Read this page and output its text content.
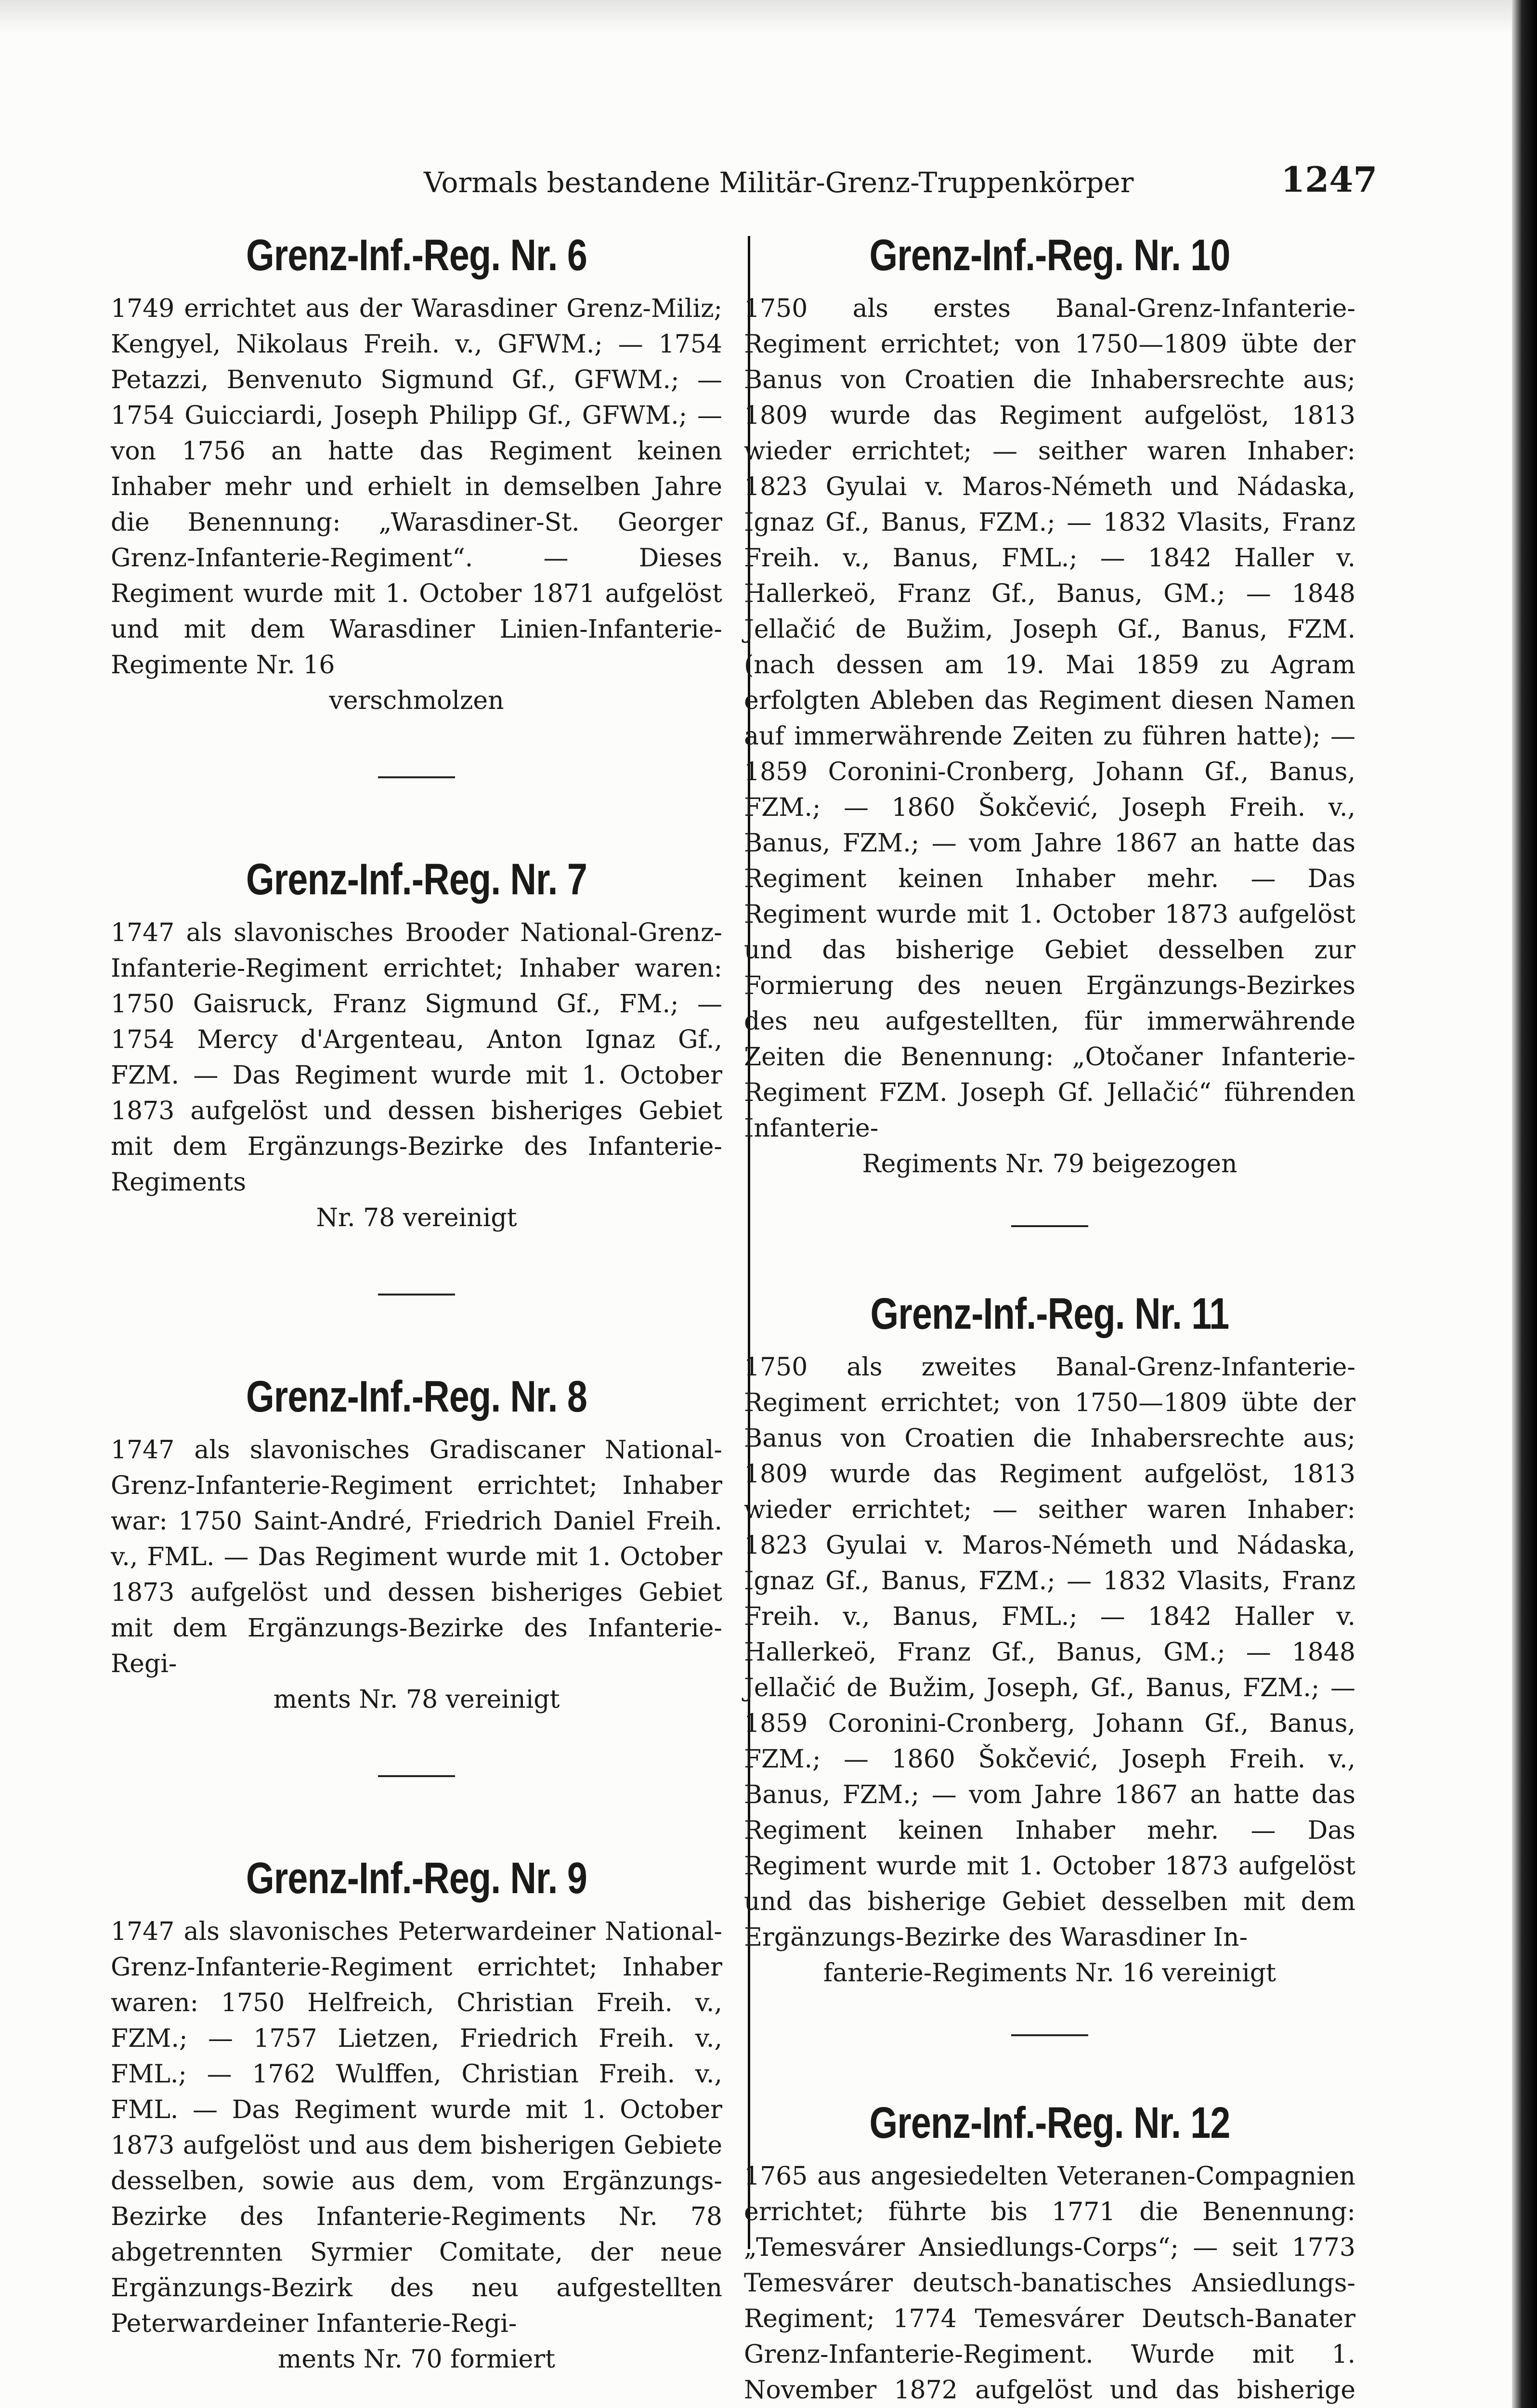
Vormals bestandene Militär-Grenz-Truppenkörper	1247
Grenz-Inf.-Reg. Nr. 6

1749 errichtet aus der Warasdiner Grenz-Miliz; Kengyel, Nikolaus Freih. v., GFWM.; — 1754 Petazzi, Benvenuto Sigmund Gf., GFWM.; — 1754 Guicciardi, Joseph Philipp Gf., GFWM.; — von 1756 an hatte das Regiment keinen Inhaber mehr und erhielt in demselben Jahre die Benennung: „Warasdiner-St. Georger Grenz-Infanterie-Regiment“. — Dieses Regiment wurde mit 1. October 1871 aufgelöst und mit dem Warasdiner Linien-Infanterie-Regimente Nr. 16

verschmolzen
Grenz-Inf.-Reg. Nr. 7

1747 als slavonisches Brooder National-Grenz-Infanterie-Regiment errichtet; Inhaber waren: 1750 Gaisruck, Franz Sigmund Gf., FM.; — 1754 Mercy d'Argenteau, Anton Ignaz Gf., FZM. — Das Regiment wurde mit 1. October 1873 aufgelöst und dessen bisheriges Gebiet mit dem Ergänzungs-Bezirke des Infanterie-Regiments

Nr. 78 vereinigt
Grenz-Inf.-Reg. Nr. 8

1747 als slavonisches Gradiscaner National-Grenz-Infanterie-Regiment errichtet; Inhaber war: 1750 Saint-André, Friedrich Daniel Freih. v., FML. — Das Regiment wurde mit 1. October 1873 aufgelöst und dessen bisheriges Gebiet mit dem Ergänzungs-Bezirke des Infanterie-Regi-

ments Nr. 78 vereinigt
Grenz-Inf.-Reg. Nr. 9

1747 als slavonisches Peterwardeiner National-Grenz-Infanterie-Regiment errichtet; Inhaber waren: 1750 Helfreich, Christian Freih. v., FZM.; — 1757 Lietzen, Friedrich Freih. v., FML.; — 1762 Wulffen, Christian Freih. v., FML. — Das Regiment wurde mit 1. October 1873 aufgelöst und aus dem bisherigen Gebiete desselben, sowie aus dem, vom Ergänzungs-Bezirke des Infanterie-Regiments Nr. 78 abgetrennten Syrmier Comitate, der neue Ergänzungs-Bezirk des neu aufgestellten Peterwardeiner Infanterie-Regi-

ments Nr. 70 formiert
Grenz-Inf.-Reg. Nr. 10

1750 als erstes Banal-Grenz-Infanterie-Regiment errichtet; von 1750—1809 übte der Banus von Croatien die Inhabersrechte aus; 1809 wurde das Regiment aufgelöst, 1813 wieder errichtet; — seither waren Inhaber: 1823 Gyulai v. Maros-Németh und Nádaska, Ignaz Gf., Banus, FZM.; — 1832 Vlasits, Franz Freih. v., Banus, FML.; — 1842 Haller v. Hallerkeö, Franz Gf., Banus, GM.; — 1848 Jellačić de Bužim, Joseph Gf., Banus, FZM. (nach dessen am 19. Mai 1859 zu Agram erfolgten Ableben das Regiment diesen Namen auf immerwährende Zeiten zu führen hatte); — 1859 Coronini-Cronberg, Johann Gf., Banus, FZM.; — 1860 Šokčević, Joseph Freih. v., Banus, FZM.; — vom Jahre 1867 an hatte das Regiment keinen Inhaber mehr. — Das Regiment wurde mit 1. October 1873 aufgelöst und das bisherige Gebiet desselben zur Formierung des neuen Ergänzungs-Bezirkes des neu aufgestellten, für immerwährende Zeiten die Benennung: „Otočaner Infanterie-Regiment FZM. Joseph Gf. Jellačić“ führenden Infanterie-

Regiments Nr. 79 beigezogen
Grenz-Inf.-Reg. Nr. 11

1750 als zweites Banal-Grenz-Infanterie-Regiment errichtet; von 1750—1809 übte der Banus von Croatien die Inhabersrechte aus; 1809 wurde das Regiment aufgelöst, 1813 wieder errichtet; — seither waren Inhaber: 1823 Gyulai v. Maros-Németh und Nádaska, Ignaz Gf., Banus, FZM.; — 1832 Vlasits, Franz Freih. v., Banus, FML.; — 1842 Haller v. Hallerkeö, Franz Gf., Banus, GM.; — 1848 Jellačić de Bužim, Joseph, Gf., Banus, FZM.; — 1859 Coronini-Cronberg, Johann Gf., Banus, FZM.; — 1860 Šokčević, Joseph Freih. v., Banus, FZM.; — vom Jahre 1867 an hatte das Regiment keinen Inhaber mehr. — Das Regiment wurde mit 1. October 1873 aufgelöst und das bisherige Gebiet desselben mit dem Ergänzungs-Bezirke des Warasdiner In-

fanterie-Regiments Nr. 16 vereinigt
Grenz-Inf.-Reg. Nr. 12

1765 aus angesiedelten Veteranen-Compagnien errichtet; führte bis 1771 die Benennung: „Temesvárer Ansiedlungs-Corps“; — seit 1773 Temesvárer deutsch-banatisches Ansiedlungs-Regiment; 1774 Temesvárer Deutsch-Banater Grenz-Infanterie-Regiment. Wurde mit 1. November 1872 aufgelöst und das bisherige
